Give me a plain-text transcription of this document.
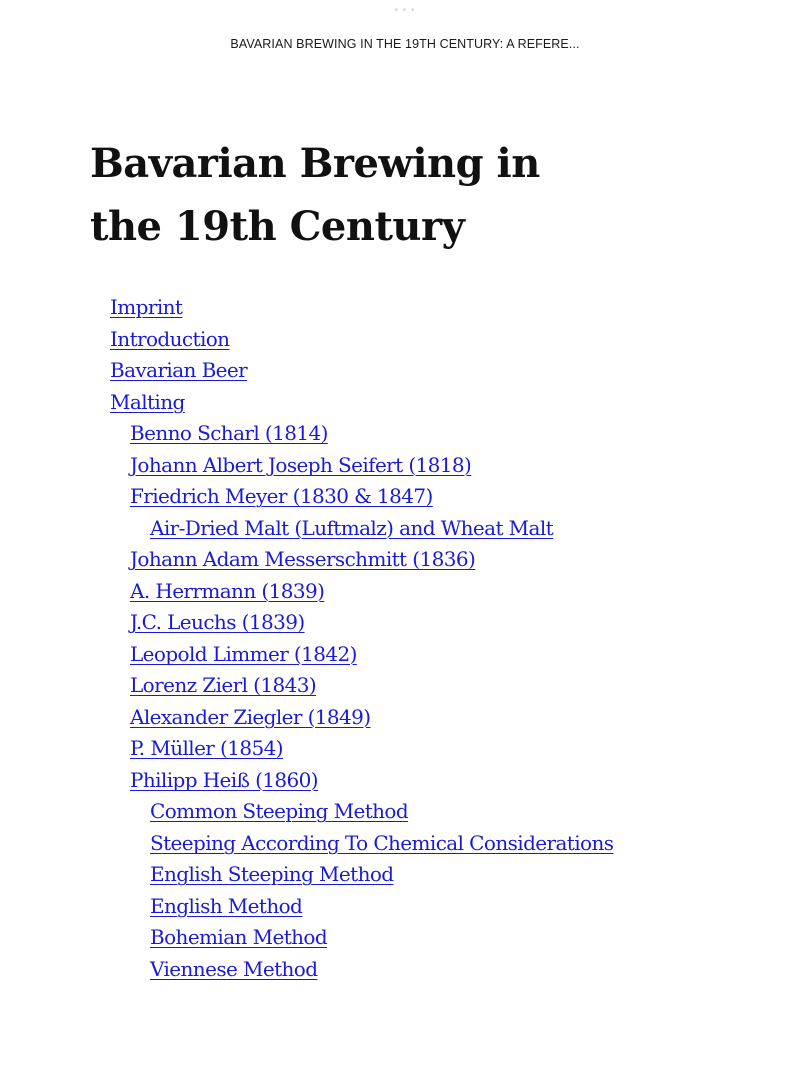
• • •
BAVARIAN BREWING IN THE 19TH CENTURY: A REFERE...
Bavarian Brewing in
the 19th Century
Imprint
Introduction
Bavarian Beer
Malting
Benno Scharl (1814)
Johann Albert Joseph Seifert (1818)
Friedrich Meyer (1830 & 1847)
Air-Dried Malt (Luftmalz) and Wheat Malt
Johann Adam Messerschmitt (1836)
A. Herrmann (1839)
J.C. Leuchs (1839)
Leopold Limmer (1842)
Lorenz Zierl (1843)
Alexander Ziegler (1849)
P. Müller (1854)
Philipp Heiß (1860)
Common Steeping Method
Steeping According To Chemical Considerations
English Steeping Method
English Method
Bohemian Method
Viennese Method
